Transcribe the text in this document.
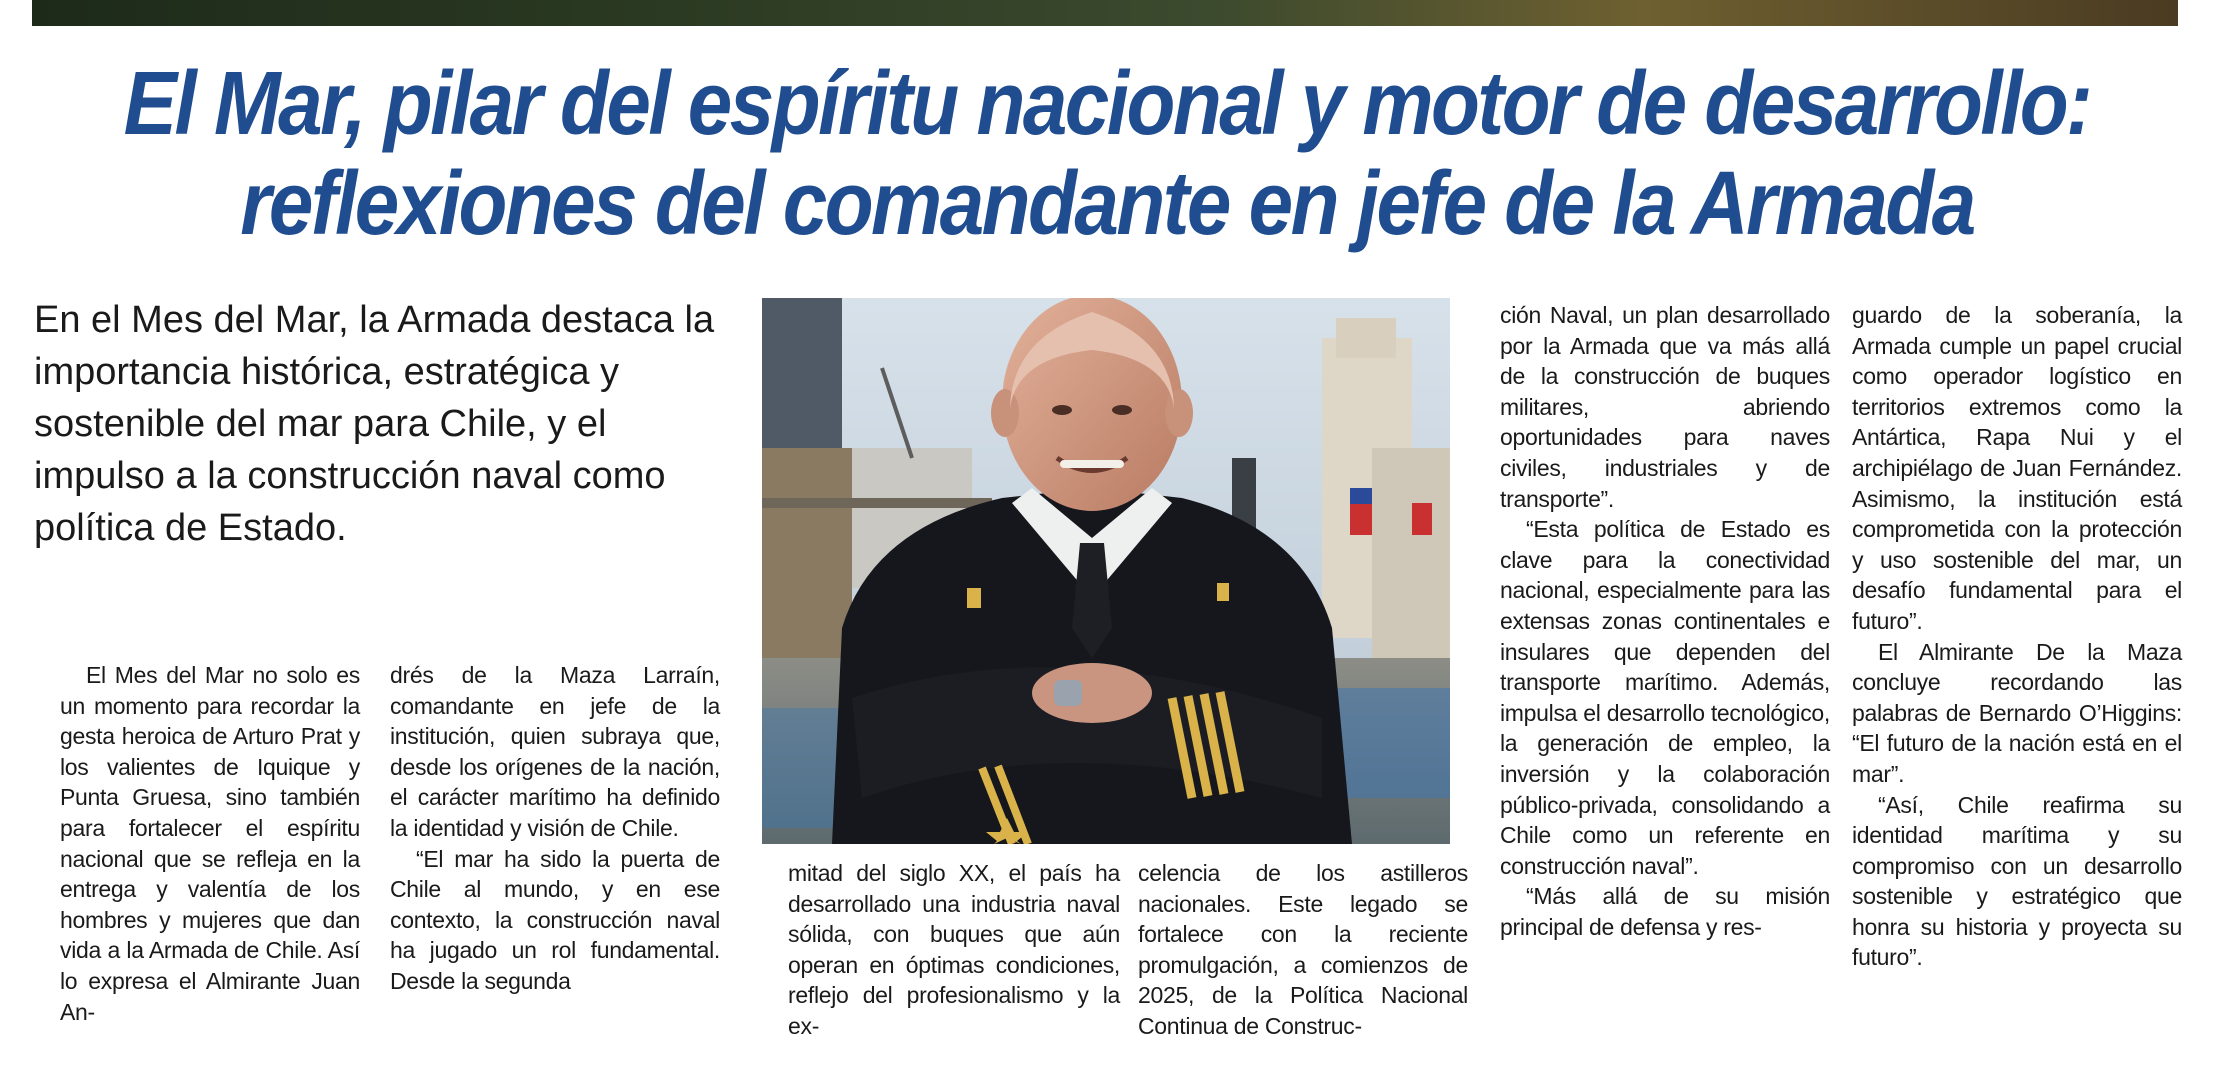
El Mar, pilar del espíritu nacional y motor de desarrollo:
reflexiones del comandante en jefe de la Armada

En el Mes del Mar, la Armada destaca la importancia histórica, estratégica y sostenible del mar para Chile, y el impulso a la construcción naval como política de Estado.

El Mes del Mar no solo es un momento para recordar la gesta heroica de Arturo Prat y los valientes de Iquique y Punta Gruesa, sino también para fortalecer el espíritu nacional que se refleja en la entrega y valentía de los hombres y mujeres que dan vida a la Armada de Chile. Así lo expresa el Almirante Juan An-

drés de la Maza Larraín, comandante en jefe de la institución, quien subraya que, desde los orígenes de la nación, el carácter marítimo ha definido la identidad y visión de Chile.

“El mar ha sido la puerta de Chile al mundo, y en ese contexto, la construcción naval ha jugado un rol fundamental. Desde la segunda

mitad del siglo XX, el país ha desarrollado una industria naval sólida, con buques que aún operan en óptimas condiciones, reflejo del profesionalismo y la ex-

celencia de los astilleros nacionales. Este legado se fortalece con la reciente promulgación, a comienzos de 2025, de la Política Nacional Continua de Construc-

ción Naval, un plan desarrollado por la Armada que va más allá de la construcción de buques militares, abriendo oportunidades para naves civiles, industriales y de transporte”.

“Esta política de Estado es clave para la conectividad nacional, especialmente para las extensas zonas continentales e insulares que dependen del transporte marítimo. Además, impulsa el desarrollo tecnológico, la generación de empleo, la inversión y la colaboración público-privada, consolidando a Chile como un referente en construcción naval”.

“Más allá de su misión principal de defensa y res-

guardo de la soberanía, la Armada cumple un papel crucial como operador logístico en territorios extremos como la Antártica, Rapa Nui y el archipiélago de Juan Fernández. Asimismo, la institución está comprometida con la protección y uso sostenible del mar, un desafío fundamental para el futuro”.

El Almirante De la Maza concluye recordando las palabras de Bernardo O’Higgins: “El futuro de la nación está en el mar”.

“Así, Chile reafirma su identidad marítima y su compromiso con un desarrollo sostenible y estratégico que honra su historia y proyecta su futuro”.
